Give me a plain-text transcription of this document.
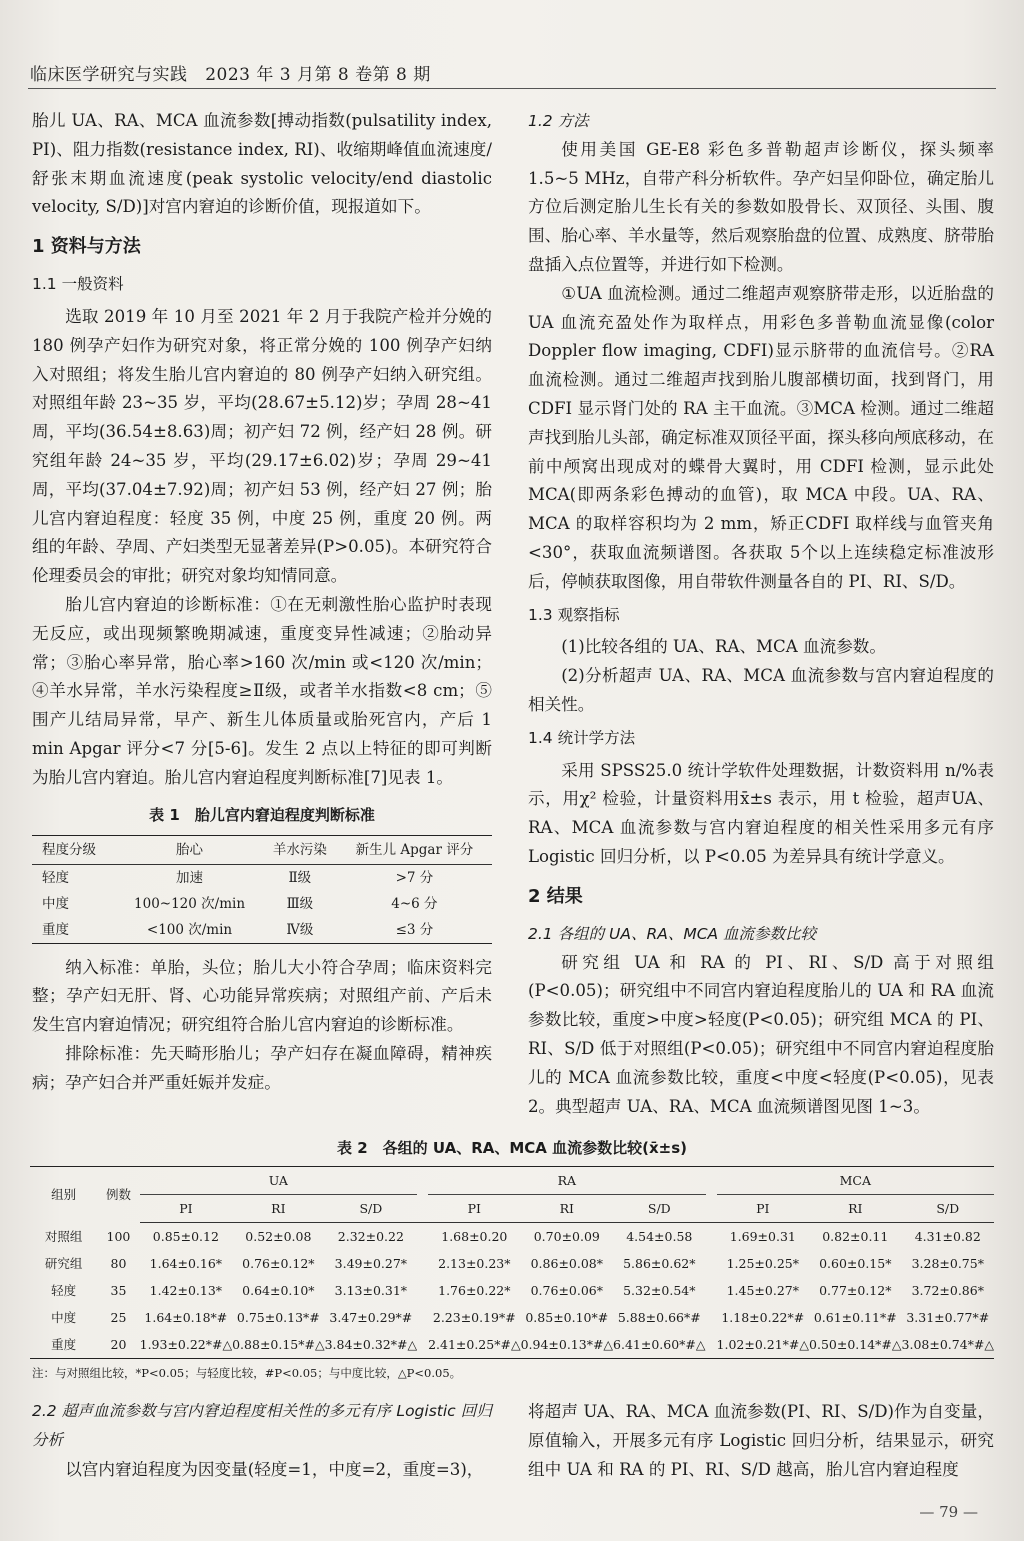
临床医学研究与实践 2023 年 3 月第 8 卷第 8 期

胎儿 UA、RA、MCA 血流参数[搏动指数(pulsatility index, PI)、阻力指数(resistance index, RI)、收缩期峰值血流速度/舒张末期血流速度(peak systolic velocity/end diastolic velocity, S/D)]对宫内窘迫的诊断价值，现报道如下。

1 资料与方法

1.1 一般资料

选取 2019 年 10 月至 2021 年 2 月于我院产检并分娩的 180 例孕产妇作为研究对象，将正常分娩的 100 例孕产妇纳入对照组；将发生胎儿宫内窘迫的 80 例孕产妇纳入研究组。对照组年龄 23~35 岁，平均(28.67±5.12)岁；孕周 28~41 周，平均(36.54±8.63)周；初产妇 72 例，经产妇 28 例。研究组年龄 24~35 岁，平均(29.17±6.02)岁；孕周 29~41周，平均(37.04±7.92)周；初产妇 53 例，经产妇 27 例；胎儿宫内窘迫程度：轻度 35 例，中度 25 例，重度 20 例。两组的年龄、孕周、产妇类型无显著差异(P>0.05)。本研究符合伦理委员会的审批；研究对象均知情同意。

胎儿宫内窘迫的诊断标准：①在无刺激性胎心监护时表现无反应，或出现频繁晚期减速，重度变异性减速；②胎动异常；③胎心率异常，胎心率>160 次/min 或<120 次/min；④羊水异常，羊水污染程度≥Ⅱ级，或者羊水指数<8 cm；⑤围产儿结局异常，早产、新生儿体质量或胎死宫内，产后 1 min Apgar 评分<7 分[5-6]。发生 2 点以上特征的即可判断为胎儿宫内窘迫。胎儿宫内窘迫程度判断标准[7]见表 1。

表 1　胎儿宫内窘迫程度判断标准
程度分级	胎心	羊水污染	新生儿 Apgar 评分
轻度	加速	Ⅱ级	>7 分
中度	100~120 次/min	Ⅲ级	4~6 分
重度	<100 次/min	Ⅳ级	≤3 分

纳入标准：单胎，头位；胎儿大小符合孕周；临床资料完整；孕产妇无肝、肾、心功能异常疾病；对照组产前、产后未发生宫内窘迫情况；研究组符合胎儿宫内窘迫的诊断标准。

排除标准：先天畸形胎儿；孕产妇存在凝血障碍，精神疾病；孕产妇合并严重妊娠并发症。

1.2 方法

使用美国 GE-E8 彩色多普勒超声诊断仪，探头频率 1.5~5 MHz，自带产科分析软件。孕产妇呈仰卧位，确定胎儿方位后测定胎儿生长有关的参数如股骨长、双顶径、头围、腹围、胎心率、羊水量等，然后观察胎盘的位置、成熟度、脐带胎盘插入点位置等，并进行如下检测。

①UA 血流检测。通过二维超声观察脐带走形，以近胎盘的 UA 血流充盈处作为取样点，用彩色多普勒血流显像(color Doppler flow imaging, CDFI)显示脐带的血流信号。②RA 血流检测。通过二维超声找到胎儿腹部横切面，找到肾门，用 CDFI 显示肾门处的 RA 主干血流。③MCA 检测。通过二维超声找到胎儿头部，确定标准双顶径平面，探头移向颅底移动，在前中颅窝出现成对的蝶骨大翼时，用 CDFI 检测，显示此处 MCA(即两条彩色搏动的血管)，取 MCA 中段。UA、RA、MCA 的取样容积均为 2 mm，矫正CDFI 取样线与血管夹角<30°，获取血流频谱图。各获取 5个以上连续稳定标准波形后，停帧获取图像，用自带软件测量各自的 PI、RI、S/D。

1.3 观察指标

(1)比较各组的 UA、RA、MCA 血流参数。

(2)分析超声 UA、RA、MCA 血流参数与宫内窘迫程度的相关性。

1.4 统计学方法

采用 SPSS25.0 统计学软件处理数据，计数资料用 n/%表示，用χ² 检验，计量资料用x̄±s 表示，用 t 检验，超声UA、RA、MCA 血流参数与宫内窘迫程度的相关性采用多元有序 Logistic 回归分析，以 P<0.05 为差异具有统计学意义。

2 结果

2.1 各组的 UA、RA、MCA 血流参数比较

研究组 UA 和 RA 的 PI、RI、S/D 高于对照组(P<0.05)；研究组中不同宫内窘迫程度胎儿的 UA 和 RA 血流参数比较，重度>中度>轻度(P<0.05)；研究组 MCA 的 PI、RI、S/D 低于对照组(P<0.05)；研究组中不同宫内窘迫程度胎儿的 MCA 血流参数比较，重度<中度<轻度(P<0.05)，见表 2。典型超声 UA、RA、MCA 血流频谱图见图 1~3。

表 2　各组的 UA、RA、MCA 血流参数比较(x̄±s)
组别	例数	UA				RA				MCA		
		PI	RI	S/D		PI	RI	S/D		PI	RI	S/D
对照组	100	0.85±0.12	0.52±0.08	2.32±0.22		1.68±0.20	0.70±0.09	4.54±0.58		1.69±0.31	0.82±0.11	4.31±0.82
研究组	80	1.64±0.16*	0.76±0.12*	3.49±0.27*		2.13±0.23*	0.86±0.08*	5.86±0.62*		1.25±0.25*	0.60±0.15*	3.28±0.75*
轻度	35	1.42±0.13*	0.64±0.10*	3.13±0.31*		1.76±0.22*	0.76±0.06*	5.32±0.54*		1.45±0.27*	0.77±0.12*	3.72±0.86*
中度	25	1.64±0.18*#	0.75±0.13*#	3.47±0.29*#		2.23±0.19*#	0.85±0.10*#	5.88±0.66*#		1.18±0.22*#	0.61±0.11*#	3.31±0.77*#
重度	20	1.93±0.22*#△	0.88±0.15*#△	3.84±0.32*#△		2.41±0.25*#△	0.94±0.13*#△	6.41±0.60*#△		1.02±0.21*#△	0.50±0.14*#△	3.08±0.74*#△
注：与对照组比较，*P<0.05；与轻度比较，#P<0.05；与中度比较，△P<0.05。

2.2 超声血流参数与宫内窘迫程度相关性的多元有序 Logistic 回归分析

以宫内窘迫程度为因变量(轻度=1，中度=2，重度=3)，

将超声 UA、RA、MCA 血流参数(PI、RI、S/D)作为自变量，原值输入，开展多元有序 Logistic 回归分析，结果显示，研究组中 UA 和 RA 的 PI、RI、S/D 越高，胎儿宫内窘迫程度

— 79 —
